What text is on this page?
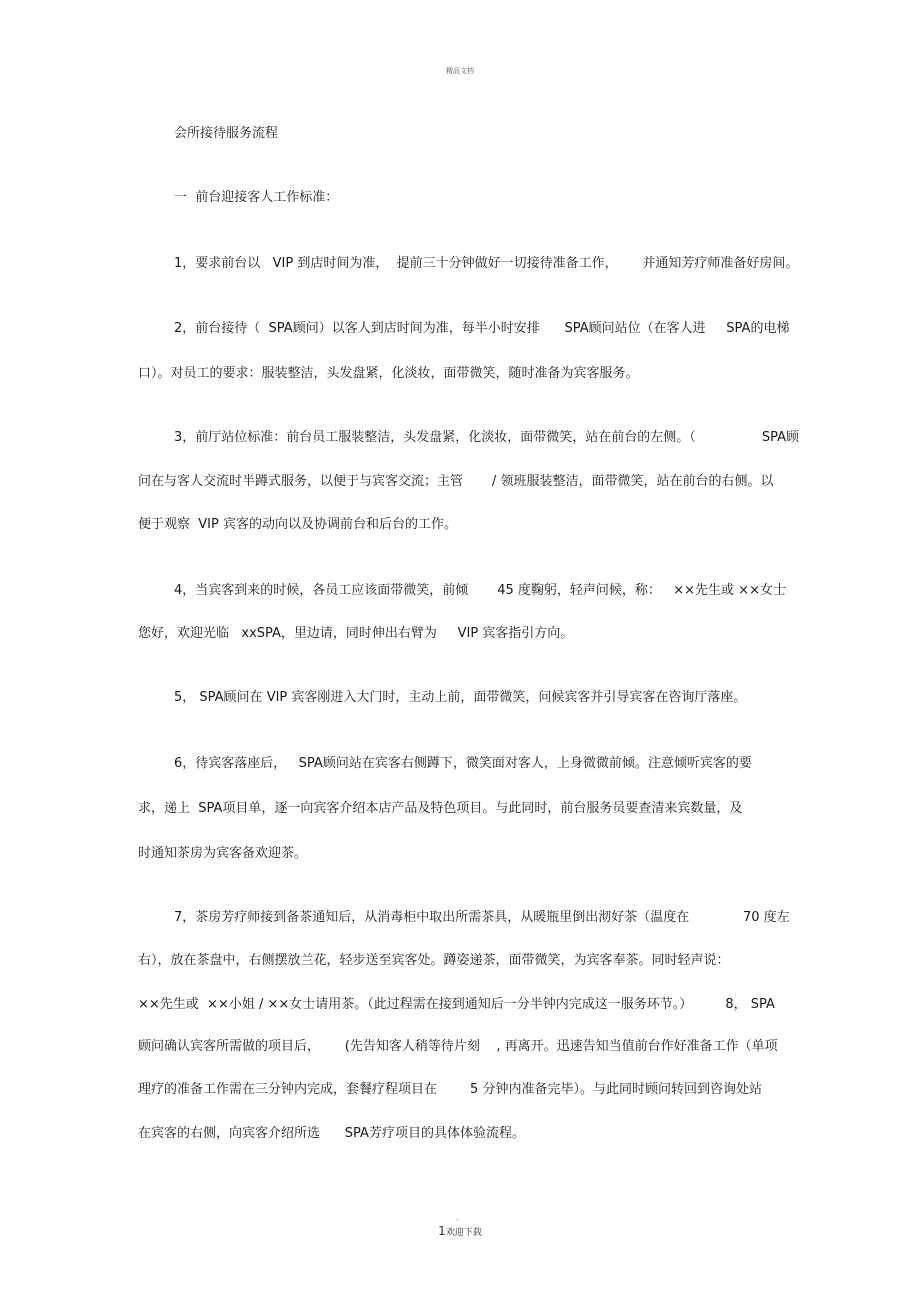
精品文档
会所接待服务流程
一  前台迎接客人工作标准：
1，要求前台以   VIP 到店时间为准，  提前三十分钟做好一切接待准备工作，      并通知芳疗师准备好房间。
2，前台接待（  SPA顾问）以客人到店时间为准，每半小时安排      SPA顾问站位（在客人进     SPA的电梯
口）。对员工的要求：服装整洁，头发盘紧，化淡妆，面带微笑，随时准备为宾客服务。
3，前厅站位标准：前台员工服装整洁，头发盘紧，化淡妆，面带微笑，站在前台的左侧。（                SPA顾
问在与客人交流时半蹲式服务，以便于与宾客交流；主管       / 领班服装整洁，面带微笑，站在前台的右侧。以
便于观察  VIP 宾客的动向以及协调前台和后台的工作。
4，当宾客到来的时候，各员工应该面带微笑，前倾       45 度鞠躬，轻声问候，称：   ××先生或 ××女士
您好，欢迎光临   xxSPA，里边请，同时伸出右臂为     VIP 宾客指引方向。
5， SPA顾问在 VIP 宾客刚进入大门时，主动上前，面带微笑，问候宾客并引导宾客在咨询厅落座。
6，待宾客落座后，   SPA顾问站在宾客右侧蹲下，微笑面对客人，上身微微前倾。注意倾听宾客的要
求，递上  SPA项目单，逐一向宾客介绍本店产品及特色项目。与此同时，前台服务员要查清来宾数量，及
时通知茶房为宾客备欢迎茶。
7，茶房芳疗师接到备茶通知后，从消毒柜中取出所需茶具，从暖瓶里倒出沏好茶（温度在             70 度左
右），放在茶盘中，右侧摆放兰花，轻步送至宾客处。蹲姿递茶，面带微笑，为宾客奉茶。同时轻声说：
××先生或  ××小姐 / ××女士请用茶。（此过程需在接到通知后一分半钟内完成这一服务环节。）        8， SPA
顾问确认宾客所需做的项目后，      (先告知客人稍等待片刻    , 再离开。迅速告知当值前台作好准备工作（单项
理疗的准备工作需在三分钟内完成，套餐疗程项目在        5 分钟内准备完毕）。与此同时顾问转回到咨询处站
在宾客的右侧，向宾客介绍所选      SPA芳疗项目的具体体验流程。
-
1欢迎下载
